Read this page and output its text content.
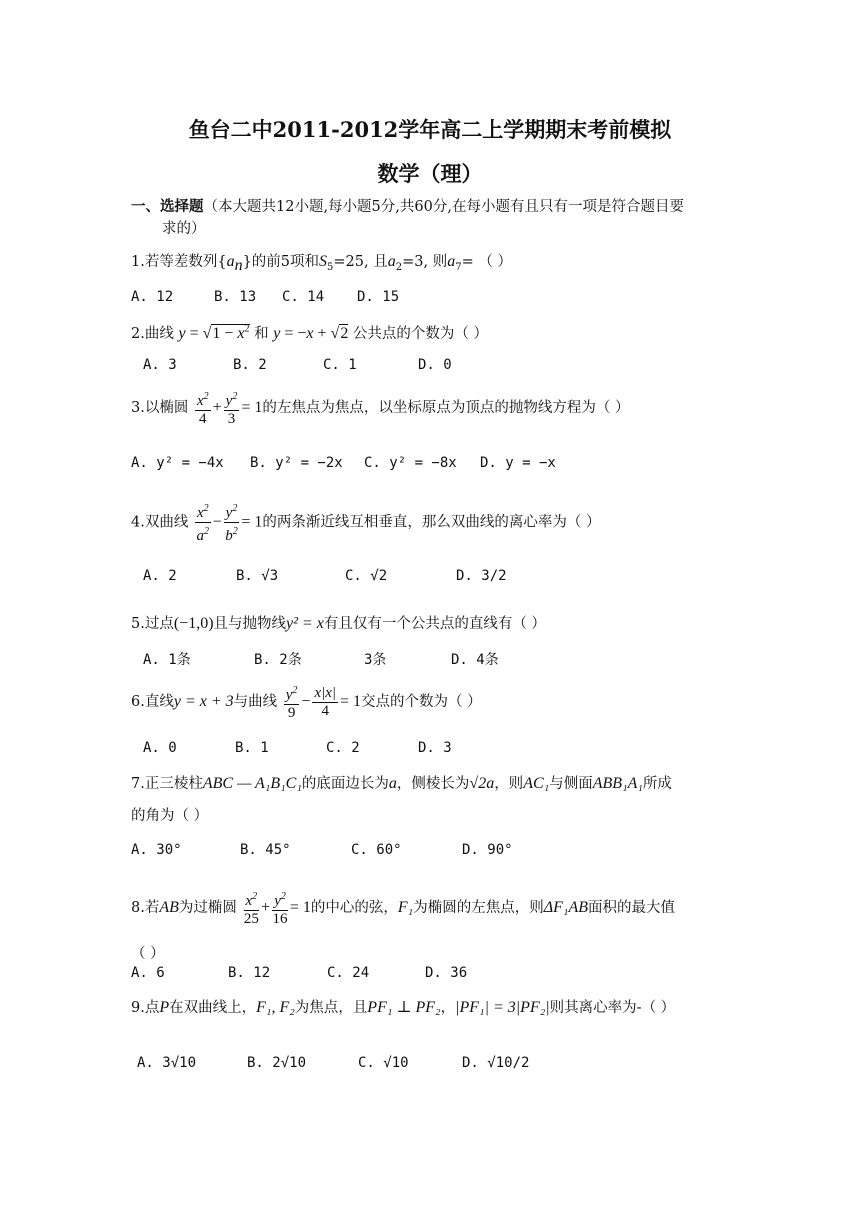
鱼台二中2011-2012学年高二上学期期末考前模拟
数学（理）
一、选择题（本大题共12小题,每小题5分,共60分,在每小题有且只有一项是符合题目要
求的）
1.若等差数列$\{a_n\}$的前5项和$S_5=25$, 且$a_2=3$, 则$a_7=$ （ ）
A. 12	B. 13 C. 14 D. 15
2.曲线 $y = √1 - x^2$ 和 y = −x + √2 公共点的个数为（ ）
A. 3	B. 2	C. 1	D. 0
3.以椭圆 $\frac{x^2}{4} + \frac{y^2}{3} = 1$的左焦点为焦点，以坐标原点为顶点的抛物线方程为（ ）
A. y² = −4x B. y² = −2x C. y² = −8x D. y = −x
4.双曲线 $\frac{x^2}{a^2} - \frac{y^2}{b^2} = 1$的两条渐近线互相垂直，那么双曲线的离心率为（ ）
A. 2	B. √3	C. √2	D. 3/2
5.过点(−1,0)且与抛物线y² = x有且仅有一个公共点的直线有（ ）
A. 1条	B. 2条	3条	D. 4条
6.直线y = x + 3与曲线 $\frac{y^2}{9} - \frac{x|x|}{4} = 1$交点的个数为（ ）
A. 0	B. 1	C. 2	D. 3
7.正三棱柱ABC — A₁B₁C₁的底面边长为a，侧棱长为√2a，则AC₁与侧面ABB₁A₁所成
的角为（ ）
A. 30°	B. 45°	C. 60°	D. 90°
8.若AB为过椭圆 $\frac{x^2}{25} + \frac{y^2}{16} = 1$的中心的弦，F₁为椭圆的左焦点，则ΔF₁AB面积的最大值
（ ）
A. 6	B. 12	C. 24	D. 36
9.点P在双曲线上，F₁, F₂为焦点，且PF₁ ⊥ PF₂，|PF₁| = 3|PF₂|则其离心率为-（ ）
A. 3√10	B. 2√10	C. √10	D. √10/2
